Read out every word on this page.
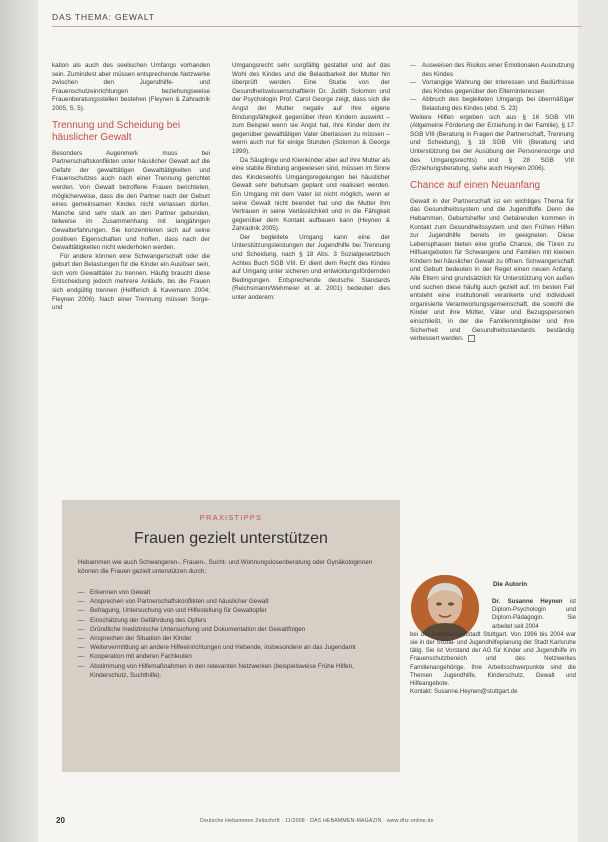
DAS THEMA: GEWALT

kation als auch des seelischen Umfangs vorhanden sein. Zumindest aber müssen entsprechende Netzwerke zwischen den Jugendhilfe- und Frauenschutzeinrichtungen beziehungsweise Frauenberatungsstellen bestehen (Fleynen & Zahradnik 2005, S. 5).

Trennung und Scheidung bei häuslicher Gewalt

Besonders Augenmerk muss bei Partnerschaftskonflikten unter häuslicher Gewalt auf die Gefahr der gewalttätigen Gewalttätigkeiten und Frauenschutzes auch nach einer Trennung gerichtet werden. Von Gewalt betroffene Frauen berichteten, möglicherweise, dass die den Partner nach der Geburt eines gemeinsamen Kindes nicht verlassen dürfen. Manche sind sehr stark an den Partner gebunden, teilweise im Zusammenhang mit langjährigen Gewalterfahrungen. Sie konzentrieren sich auf seine positiven Eigenschaften und hoffen, dass nach der Gewalttätigkeiten nicht wiederholen werden.

Für andere können eine Schwangerschaft oder die geburt den Belastungen für die Kinder ein Auslöser sein, sich vom Gewalttäter zu trennen. Häufig braucht diese Entscheidung jedoch mehrere Anläufe, bis die Frauen sich endgültig trennen (Helfferich & Kavemann 2004; Fleynen 2006). Nach einer Trennung müssen Sorge- und

Umgangsrecht sehr sorgfältig gestaltet und auf das Wohl des Kindes und die Belastbarkeit der Mutter hin überprüft werden. Eine Studie von der Gesundheitswissenschaftlerin Dr. Judith Solomon und der Psychologin Prof. Carol George zeigt, dass sich die Angst der Mutter negativ auf ihre eigene Bindungsfähigkeit gegenüber ihren Kindern auswirkt – zum Beispiel wenn sie Angst hat, ihre Kinder dem ihr gegenüber gewalttätigen Vater überlassen zu müssen – wenn auch nur für einige Stunden (Solomon & George 1999).

Da Säuglinge und Kleinkinder aber auf ihre Mutter als eine stabile Bindung angewiesen sind, müssen im Sinne des Kindeswohls Umgangsregelungen bei häuslicher Gewalt sehr behutsam geplant und realisiert werden. Ein Umgang mit dem Vater ist nicht möglich, wenn er seine Gewalt nicht beendet hat und die Mutter ihm Vertrauen in seine Verlässlichkeit und in die Fähigkeit gegenüber dem Kontakt aufbauen kann (Heynen & Zahradnik 2005).

Der begleitete Umgang kann eine der Unterstützungsleistungen der Jugendhilfe bei Trennung und Scheidung, nach § 18 Abs. 3 Sozialgesetzbuch Achtes Buch SGB VIII. Er dient dem Recht des Kindes auf Umgang unter sicheren und entwicklungsfördernden Bedingungen. Entsprechende deutsche Standards (Reichsmann/Wehmeier et al. 2001) bedeuten dies unter anderem:

— Ausweisen des Risikos einer Emotionalen Ausnutzung des Kindes
— Vorrangige Wahrung der Interessen und Bedürfnisse des Kindes gegenüber den Elterninteressen
— Abbruch des begleiteten Umgangs bei übermäßiger Belastung des Kindes (ebd. S. 23)

Weitere Hilfen ergeben sich aus § 16 SGB VIII (Allgemeine Förderung der Erziehung in der Familie), § 17 SGB VIII (Beratung in Fragen der Partnerschaft, Trennung und Scheidung), § 18 SGB VIII (Beratung und Unterstützung bei der Ausübung der Personensorge und des Umgangsrechts) und § 28 SGB VIII (Erziehungsberatung, siehe auch Heynen 2006).

Chance auf einen Neuanfang

Gewalt in der Partnerschaft ist ein wichtiges Thema für das Gesundheitssystem und die Jugendhilfe. Denn die Hebammen, Geburtshelfer und Gebärenden kommen in Kontakt zum Gesundheitssystem und den Frühen Hilfen zur Jugendhilfe bereits im geeigneten. Diese Lebensphasen bieten eine große Chance, die Türen zu Hilfsangeboten für Schwangere und Familien mit kleinen Kindern bei häuslicher Gewalt zu öffnen. Schwangerschaft und Geburt bedeuten in der Regel einen neuen Anfang. Alle Eltern sind grundsätzlich für Unterstützung von außen und suchen diese häufig auch gezielt auf. Im besten Fall entsteht eine institutionell verankerte und individuell organisierte Verantwortungsgemeinschaft, die sowohl die Kinder und ihre Mütter, Väter und Bezugspersonen einschließt, in der die Familienmitglieder und ihre Sicherheit und Gesundheitsstandards beständig verbessert werden.

PRAXISTIPPS
Frauen gezielt unterstützen
Hebammen wie auch Schwangeren-, Frauen-, Sucht- und Wohnungslosenberatung oder Gynäkologinnen können die Frauen gezielt unterstützen durch:
— Erkennen von Gewalt
— Ansprechen von Partnerschaftskonflikten und häuslicher Gewalt
— Befragung, Untersuchung von und Hilfestellung für Gewaltopfer
— Einschätzung der Gefährdung des Opfers
— Gründliche medizinische Untersuchung und Dokumentation der Gewaltfolgen
— Ansprechen der Situation der Kinder
— Weitervermittlung an andere Hilfeeinrichtungen und Hebende, insbesondere an das Jugendamt
— Kooperation mit anderen Fachleuten
— Abstimmung von Hilfemaßnahmen in den relevanten Netzwerken (beispielsweise Frühe Hilfen, Kinderschutz, Suchthilfe).
Die Autorin
Dr. Susanne Heynen ist Diplom-Psychologin und Diplom-Pädagogin. Sie arbeitet seit 2004
bei der Landeshauptstadt Stuttgart. Von 1996 bis 2004 war sie in der Sozial- und Jugendhilfeplanung der Stadt Karlsruhe tätig. Sie ist Vorstand der AG für Kinder und Jugendhilfe im Frauenschutzbereich und des Netzwerkes Familienangehörige. Ihre Arbeitsschwerpunkte sind die Themen Jugendhilfe, Kinderschutz, Gewalt und Hilfeangebote.
Kontakt: Susanne.Heynen@stuttgart.de
20	Deutsche Hebammen Zeitschrift · 11/2008 · DAS HEBAMMEN-MAGAZIN · www.dhz-online.de
